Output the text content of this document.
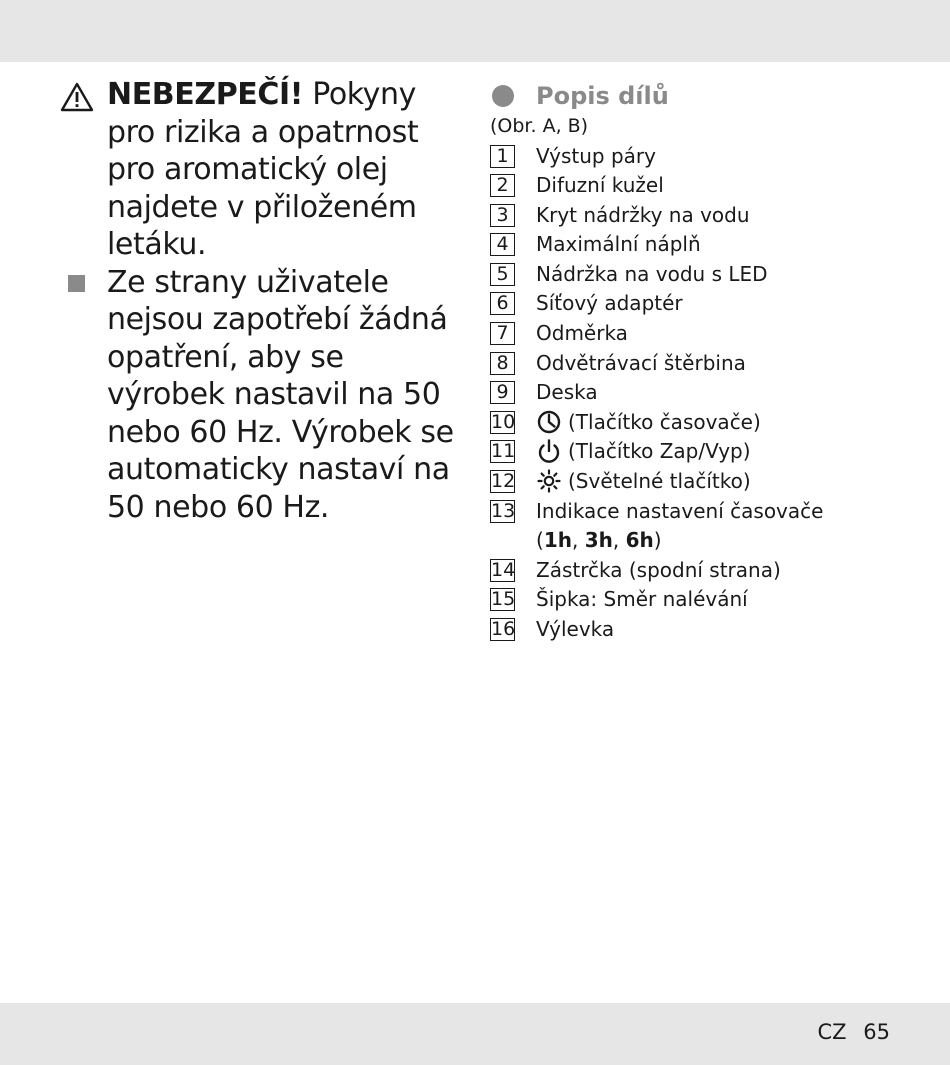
NEBEZPEČÍ! Pokyny pro rizika a opatrnost pro aromatický olej najdete v přiloženém letáku.
Ze strany uživatele nejsou zapotřebí žádná opatření, aby se výrobek nastavil na 50 nebo 60 Hz. Výrobek se automaticky nastaví na 50 nebo 60 Hz.
Popis dílů
(Obr. A, B)
1	Výstup páry
2	Difuzní kužel
3	Kryt nádržky na vodu
4	Maximální náplň
5	Nádržka na vodu s LED
6	Síťový adaptér
7	Odměrka
8	Odvětrávací štěrbina
9	Deska
10	(Tlačítko časovače)
11	(Tlačítko Zap/Vyp)
12	(Světelné tlačítko)
13 Indikace nastavení časovače
(1h, 3h, 6h)
14 Zástrčka (spodní strana)
15 Šipka: Směr nalévání
16 Výlevka
CZ 65
